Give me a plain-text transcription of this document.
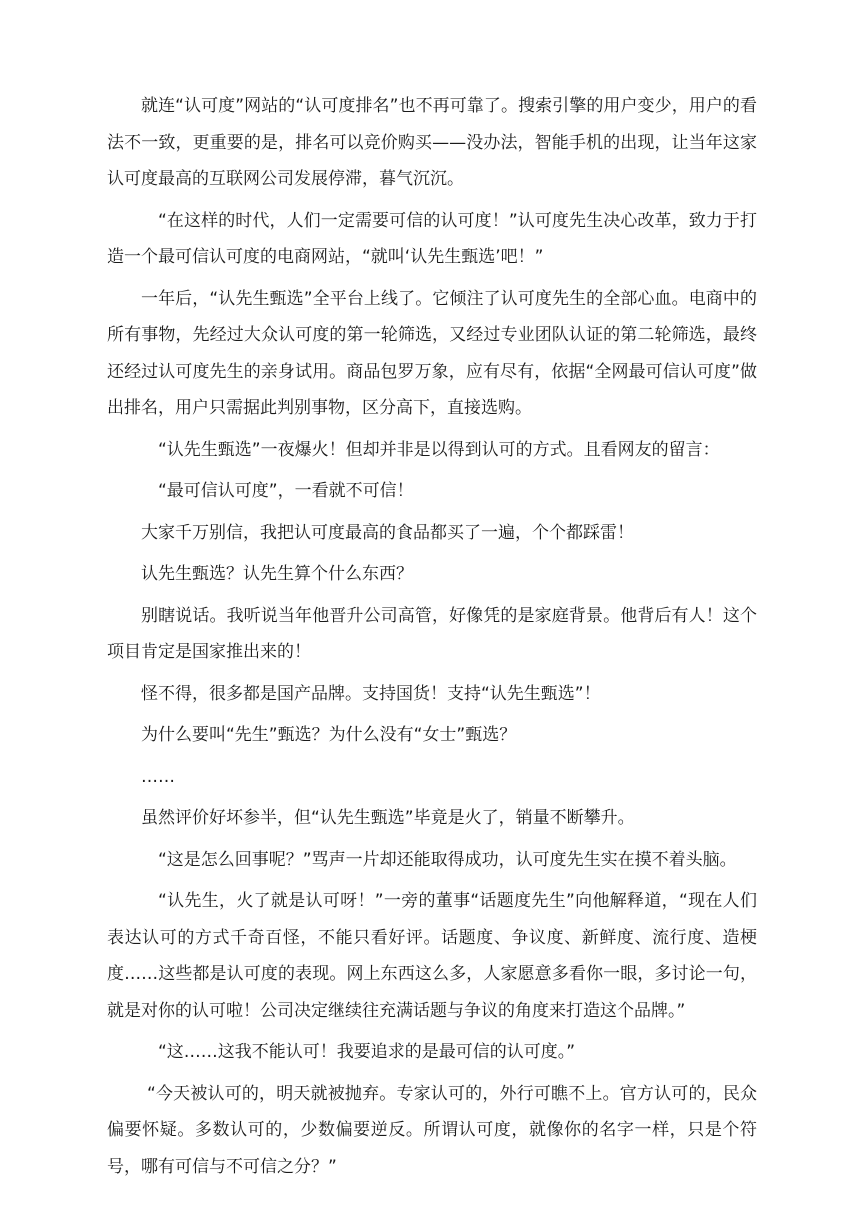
就连“认可度”网站的“认可度排名”也不再可靠了。搜索引擎的用户变少，用户的看法不一致，更重要的是，排名可以竞价购买——没办法，智能手机的出现，让当年这家认可度最高的互联网公司发展停滞，暮气沉沉。

“在这样的时代，人们一定需要可信的认可度！”认可度先生决心改革，致力于打造一个最可信认可度的电商网站，“就叫‘认先生甄选’吧！”

一年后，“认先生甄选”全平台上线了。它倾注了认可度先生的全部心血。电商中的所有事物，先经过大众认可度的第一轮筛选，又经过专业团队认证的第二轮筛选，最终还经过认可度先生的亲身试用。商品包罗万象，应有尽有，依据“全网最可信认可度”做出排名，用户只需据此判别事物，区分高下，直接选购。

“认先生甄选”一夜爆火！但却并非是以得到认可的方式。且看网友的留言：

“最可信认可度”，一看就不可信！

大家千万别信，我把认可度最高的食品都买了一遍，个个都踩雷！

认先生甄选？认先生算个什么东西？

别瞎说话。我听说当年他晋升公司高管，好像凭的是家庭背景。他背后有人！这个项目肯定是国家推出来的！

怪不得，很多都是国产品牌。支持国货！支持“认先生甄选”！

为什么要叫“先生”甄选？为什么没有“女士”甄选？

……

虽然评价好坏参半，但“认先生甄选”毕竟是火了，销量不断攀升。

“这是怎么回事呢？”骂声一片却还能取得成功，认可度先生实在摸不着头脑。

“认先生，火了就是认可呀！”一旁的董事“话题度先生”向他解释道，“现在人们表达认可的方式千奇百怪，不能只看好评。话题度、争议度、新鲜度、流行度、造梗度……这些都是认可度的表现。网上东西这么多，人家愿意多看你一眼，多讨论一句，就是对你的认可啦！公司决定继续往充满话题与争议的角度来打造这个品牌。”

“这……这我不能认可！我要追求的是最可信的认可度。”

“今天被认可的，明天就被抛弃。专家认可的，外行可瞧不上。官方认可的，民众偏要怀疑。多数认可的，少数偏要逆反。所谓认可度，就像你的名字一样，只是个符号，哪有可信与不可信之分？”
